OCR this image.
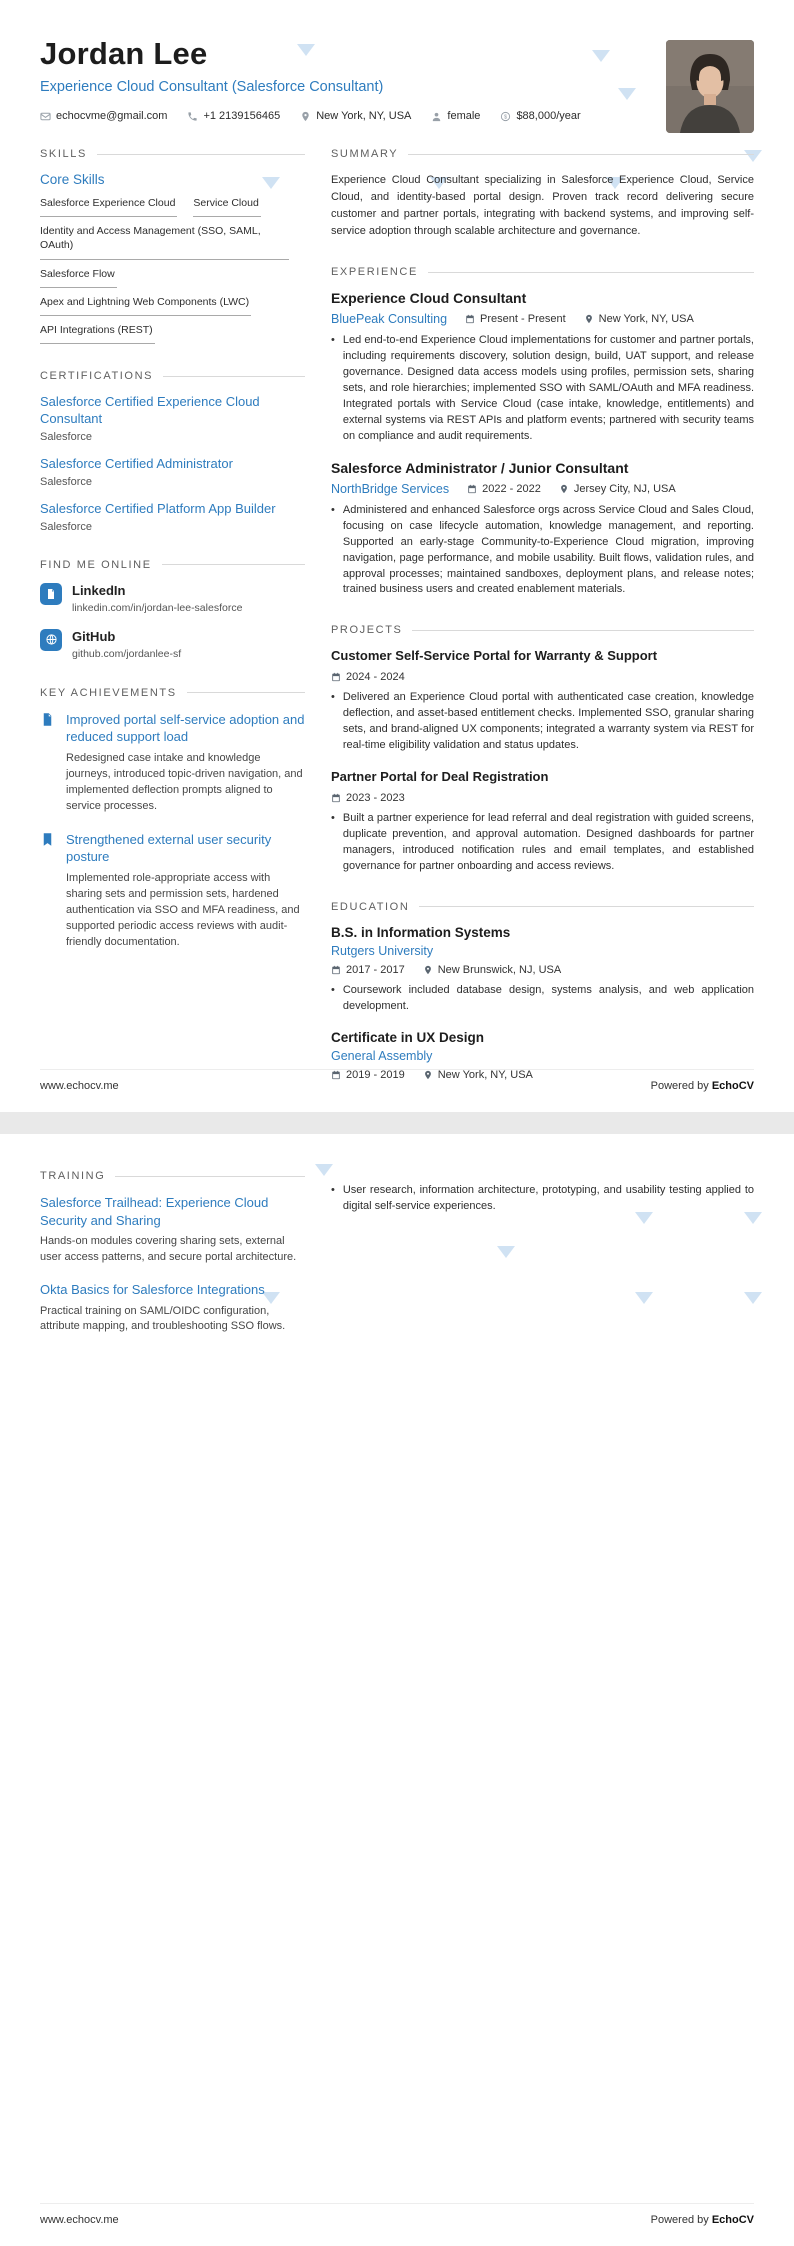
Jordan Lee
Experience Cloud Consultant (Salesforce Consultant)
echocvme@gmail.com	+1 2139156465	New York, NY, USA	female $ $88,000/year
SKILLS
Core Skills
Salesforce Experience Cloud Service Cloud
Identity and Access Management (SSO, SAML, OAuth)
Salesforce Flow
Apex and Lightning Web Components (LWC)
API Integrations (REST)
CERTIFICATIONS
Salesforce Certified Experience Cloud Consultant
Salesforce
Salesforce Certified Administrator
Salesforce
Salesforce Certified Platform App Builder
Salesforce
FIND ME ONLINE
LinkedIn
linkedin.com/in/jordan-lee-salesforce
GitHub
github.com/jordanlee-sf
KEY ACHIEVEMENTS
Improved portal self-service adoption and reduced support load
Redesigned case intake and knowledge journeys, introduced topic-driven navigation, and implemented deflection prompts aligned to service processes.
Strengthened external user security posture
Implemented role-appropriate access with sharing sets and permission sets, hardened authentication via SSO and MFA readiness, and supported periodic access reviews with audit-friendly documentation.
SUMMARY

Experience Cloud Consultant specializing in Salesforce Experience Cloud, Service Cloud, and identity-based portal design. Proven track record delivering secure customer and partner portals, integrating with backend systems, and improving self-service adoption through scalable architecture and governance.

EXPERIENCE
Experience Cloud Consultant
BluePeak Consulting	Present - Present	New York, NY, USA
• Led end-to-end Experience Cloud implementations for customer and partner portals, including requirements discovery, solution design, build, UAT support, and release governance. Designed data access models using profiles, permission sets, sharing sets, and role hierarchies; implemented SSO with SAML/OAuth and MFA readiness. Integrated portals with Service Cloud (case intake, knowledge, entitlements) and external systems via REST APIs and platform events; partnered with security teams on compliance and audit requirements.
Salesforce Administrator / Junior Consultant
NorthBridge Services	2022 - 2022	Jersey City, NJ, USA
• Administered and enhanced Salesforce orgs across Service Cloud and Sales Cloud, focusing on case lifecycle automation, knowledge management, and reporting. Supported an early-stage Community-to-Experience Cloud migration, improving navigation, page performance, and mobile usability. Built flows, validation rules, and approval processes; maintained sandboxes, deployment plans, and release notes; trained business users and created enablement materials.
PROJECTS
Customer Self-Service Portal for Warranty & Support
2024 - 2024
• Delivered an Experience Cloud portal with authenticated case creation, knowledge deflection, and asset-based entitlement checks. Implemented SSO, granular sharing sets, and brand-aligned UX components; integrated a warranty system via REST for real-time eligibility validation and status updates.
Partner Portal for Deal Registration
2023 - 2023
• Built a partner experience for lead referral and deal registration with guided screens, duplicate prevention, and approval automation. Designed dashboards for partner managers, introduced notification rules and email templates, and established governance for partner onboarding and access reviews.
EDUCATION
B.S. in Information Systems
Rutgers University
2017 - 2017	New Brunswick, NJ, USA
• Coursework included database design, systems analysis, and web application development.
Certificate in UX Design
General Assembly
2019 - 2019	New York, NY, USA
www.echocv.me	Powered by EchoCV
TRAINING
Salesforce Trailhead: Experience Cloud Security and Sharing
Hands-on modules covering sharing sets, external user access patterns, and secure portal architecture.
Okta Basics for Salesforce Integrations
Practical training on SAML/OIDC configuration, attribute mapping, and troubleshooting SSO flows.
• User research, information architecture, prototyping, and usability testing applied to digital self-service experiences.
www.echocv.me	Powered by EchoCV
